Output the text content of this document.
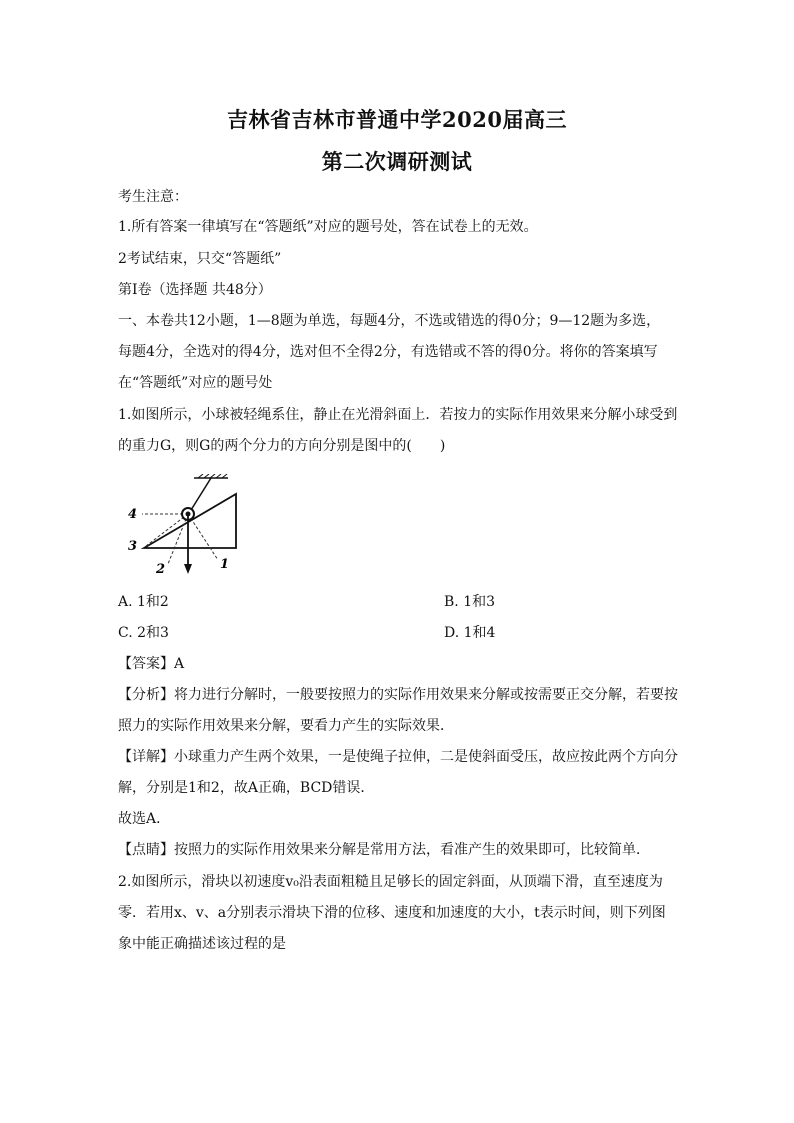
吉林省吉林市普通中学2020届高三
第二次调研测试
考生注意：
1.所有答案一律填写在“答题纸”对应的题号处，答在试卷上的无效。
2考试结束，只交“答题纸”
第Ⅰ卷（选择题 共48分）
一、本卷共12小题，1—8题为单选，每题4分，不选或错选的得0分；9—12题为多选，
每题4分，全选对的得4分，选对但不全得2分，有选错或不答的得0分。将你的答案填写
在“答题纸”对应的题号处
1.如图所示，小球被轻绳系住，静止在光滑斜面上．若按力的实际作用效果来分解小球受到
的重力G，则G的两个分力的方向分别是图中的(　　)
4
3
2	1
A. 1和2	B. 1和3
C. 2和3	D. 1和4
【答案】A
【分析】将力进行分解时，一般要按照力的实际作用效果来分解或按需要正交分解，若要按
照力的实际作用效果来分解，要看力产生的实际效果．
【详解】小球重力产生两个效果，一是使绳子拉伸，二是使斜面受压，故应按此两个方向分
解，分别是1和2，故A正确，BCD错误．
故选A．
【点睛】按照力的实际作用效果来分解是常用方法，看准产生的效果即可，比较简单．
2.如图所示，滑块以初速度v₀沿表面粗糙且足够长的固定斜面，从顶端下滑，直至速度为
零．若用x、v、a分别表示滑块下滑的位移、速度和加速度的大小，t表示时间，则下列图
象中能正确描述该过程的是
